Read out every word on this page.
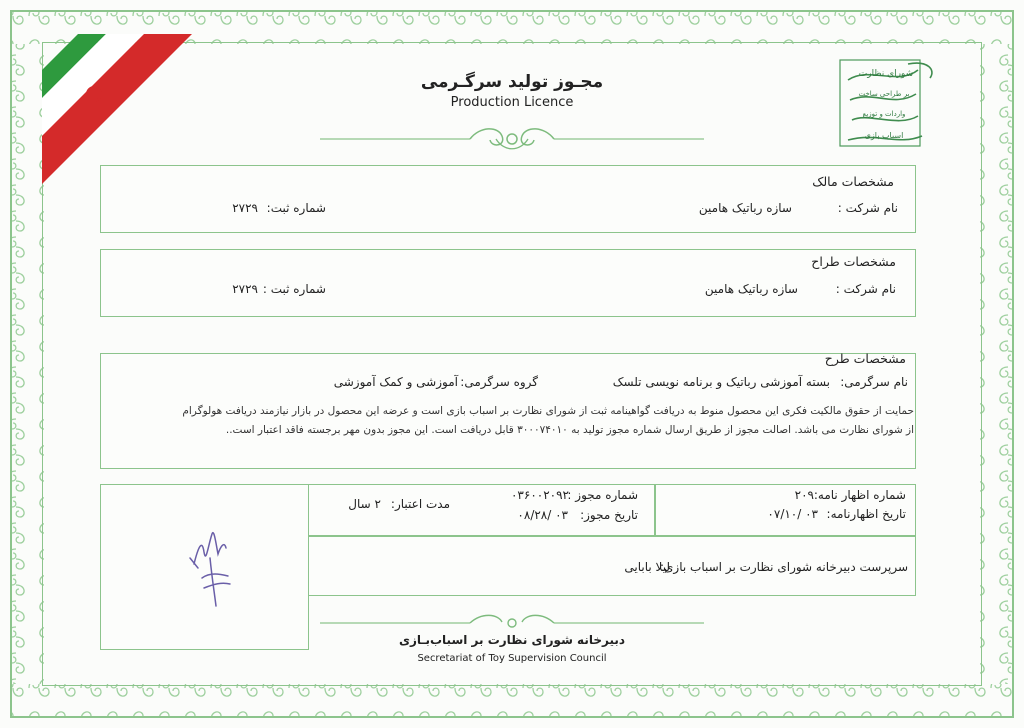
شورای نظارت
بر طراحی ساخت
واردات و توزیع
اسباب بازی
مجـوز تولید سرگـرمی
Production Licence
مشخصات مالک
نام شرکت :
سازه رباتیک هامین
شماره ثبت:
۲۷۲۹
مشخصات طراح
نام شرکت :
سازه رباتیک هامین
شماره ثبت :
۲۷۲۹
مشخصات طرح
نام سرگرمی:
بسته آموزشی رباتیک و برنامه نویسی تلسک
گروه سرگرمی:
آموزشی و کمک آموزشی
حمایت از حقوق مالکیت فکری این محصول منوط به دریافت گواهینامه ثبت از شورای نظارت بر اسباب بازی است و عرضه این محصول در بازار نیازمند دریافت هولوگرام
از شورای نظارت می باشد. اصالت مجوز از طریق ارسال شماره مجوز تولید به ۳۰۰۰۷۴۰۱۰ قابل دریافت است. این مجوز بدون مهر برجسته فاقد اعتبار است..
شماره اظهار نامه:
۲۰۹
تاریخ اظهارنامه:
۰۳ /۰۷/۱۰
شماره مجوز :
۰۳۶۰۰۲۰۹۲
تاریخ مجوز:
۰۳ /۰۸/۲۸
مدت اعتبار:
۲ سال
سرپرست دبیرخانه شورای نظارت بر اسباب بازی:
لیلا بابایی
دبیرخانه شورای نظارت بر اسباب‌بـازی
Secretariat of Toy Supervision Council
